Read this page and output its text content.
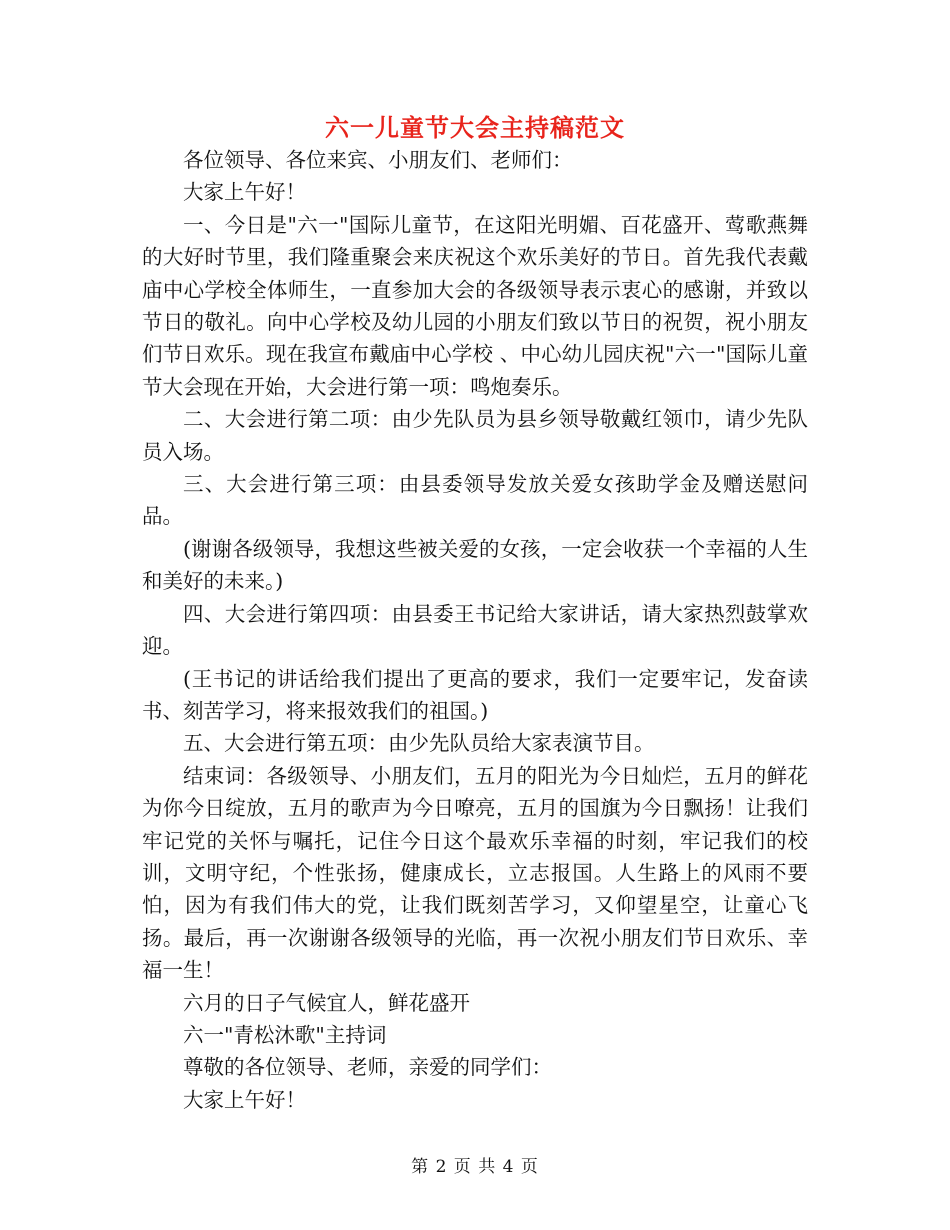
六一儿童节大会主持稿范文

各位领导、各位来宾、小朋友们、老师们：

大家上午好！

一、今日是"六一"国际儿童节，在这阳光明媚、百花盛开、莺歌燕舞的大好时节里，我们隆重聚会来庆祝这个欢乐美好的节日。首先我代表戴庙中心学校全体师生，一直参加大会的各级领导表示衷心的感谢，并致以节日的敬礼。向中心学校及幼儿园的小朋友们致以节日的祝贺，祝小朋友们节日欢乐。现在我宣布戴庙中心学校 、中心幼儿园庆祝"六一"国际儿童节大会现在开始，大会进行第一项：鸣炮奏乐。

二、大会进行第二项：由少先队员为县乡领导敬戴红领巾，请少先队员入场。

三、大会进行第三项：由县委领导发放关爱女孩助学金及赠送慰问品。

(谢谢各级领导，我想这些被关爱的女孩，一定会收获一个幸福的人生和美好的未来。)

四、大会进行第四项：由县委王书记给大家讲话，请大家热烈鼓掌欢迎。

(王书记的讲话给我们提出了更高的要求，我们一定要牢记，发奋读书、刻苦学习，将来报效我们的祖国。)

五、大会进行第五项：由少先队员给大家表演节目。

结束词：各级领导、小朋友们，五月的阳光为今日灿烂，五月的鲜花为你今日绽放，五月的歌声为今日嘹亮，五月的国旗为今日飘扬！让我们牢记党的关怀与嘱托，记住今日这个最欢乐幸福的时刻，牢记我们的校训，文明守纪，个性张扬，健康成长，立志报国。人生路上的风雨不要怕，因为有我们伟大的党，让我们既刻苦学习，又仰望星空，让童心飞扬。最后，再一次谢谢各级领导的光临，再一次祝小朋友们节日欢乐、幸福一生！

六月的日子气候宜人，鲜花盛开

六一"青松沐歌"主持词

尊敬的各位领导、老师，亲爱的同学们：

大家上午好！

第 2 页 共 4 页
